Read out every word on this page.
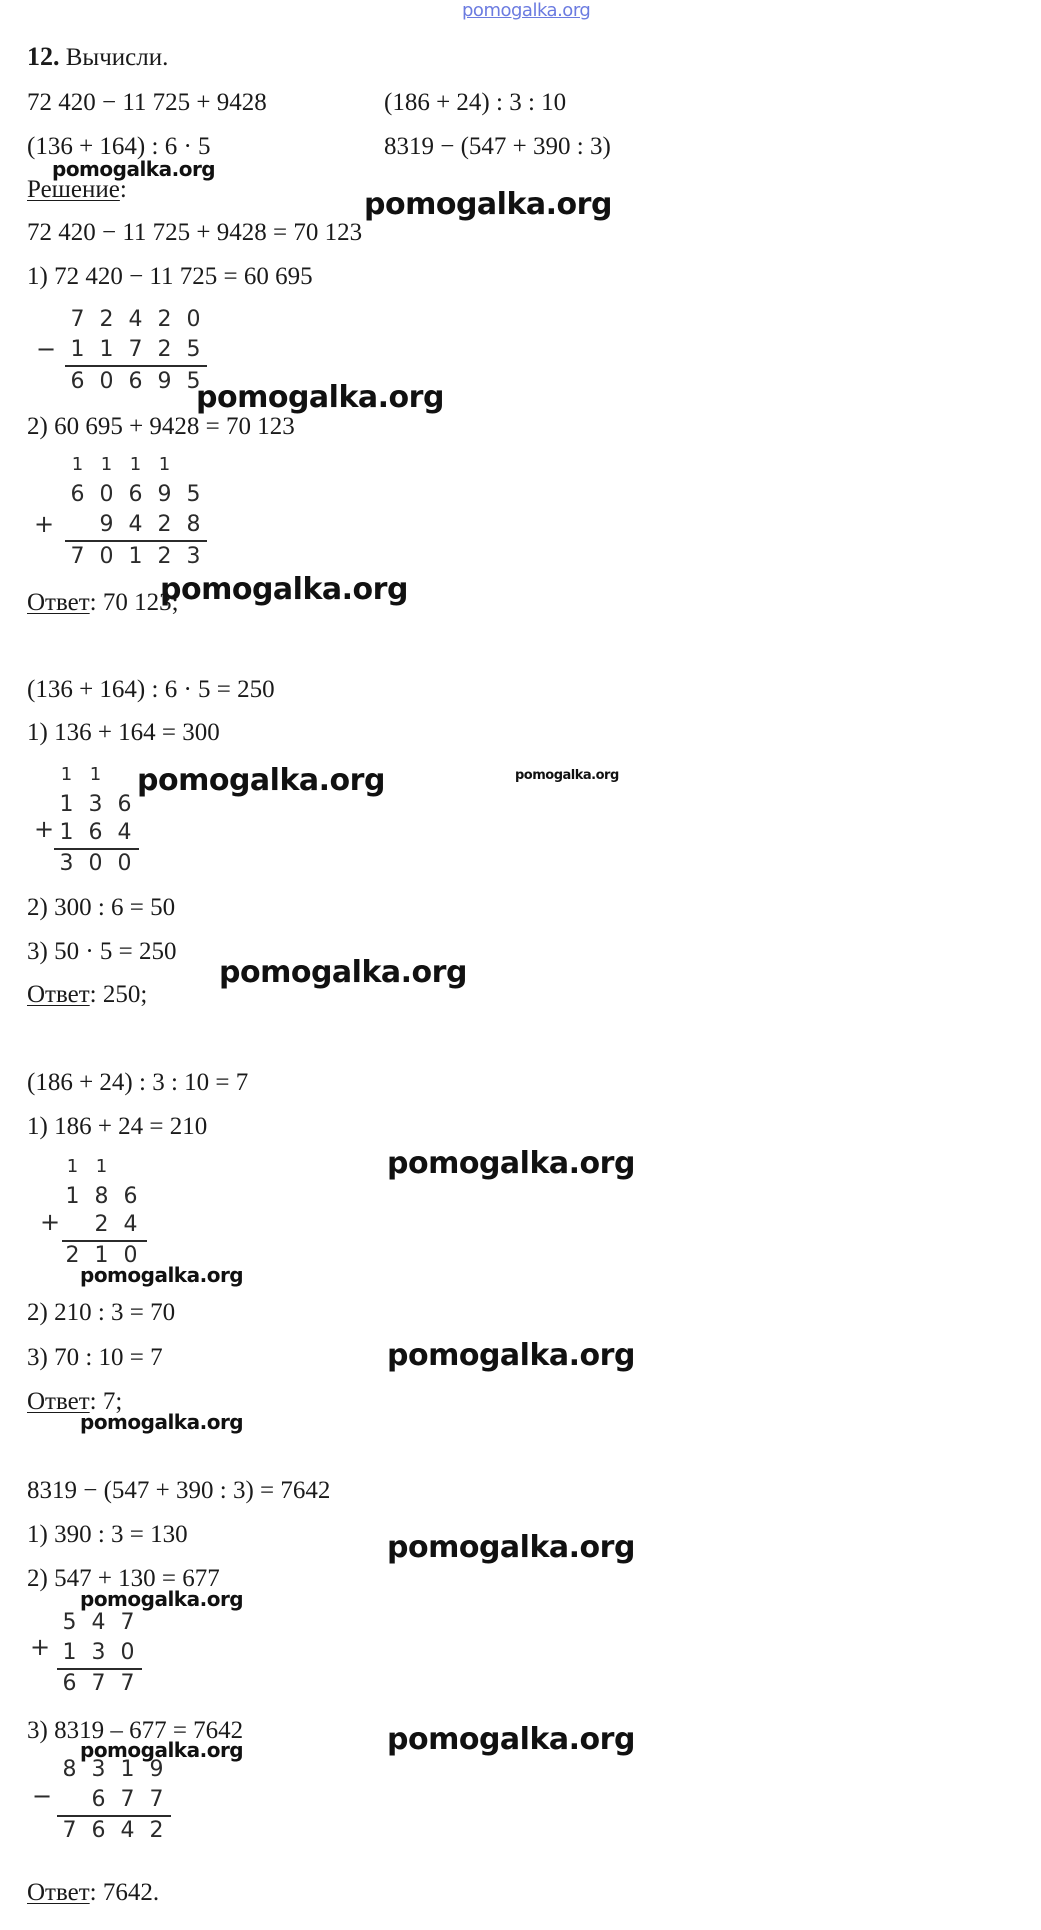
pomogalka.org
12. Вычисли.
72 420 − 11 725 + 9428	(186 + 24) : 3 : 10
(136 + 164) : 6 · 5	8319 − (547 + 390 : 3)
Решение:
72 420 − 11 725 + 9428 = 70 123
1) 72 420 − 11 725 = 60 695
7 2 4 2 0
1 1 7 2 5
6 0 6 9 5
−
2) 60 695 + 9428 = 70 123
1 1 1 1
6 0 6 9 5
9 4 2 8
7 0 1 2 3
+
Ответ: 70 123;
(136 + 164) : 6 · 5 = 250
1) 136 + 164 = 300
1 1
1 3 6
1 6 4
3 0 0
+
2) 300 : 6 = 50
3) 50 · 5 = 250
Ответ: 250;
(186 + 24) : 3 : 10 = 7
1) 186 + 24 = 210
1 1
1 8 6
2 4
2 1 0
+
2) 210 : 3 = 70
3) 70 : 10 = 7
Ответ: 7;
8319 − (547 + 390 : 3) = 7642
1) 390 : 3 = 130
2) 547 + 130 = 677
5 4 7
1 3 0
6 7 7
+
3) 8319 – 677 = 7642
8 3 1 9
6 7 7
7 6 4 2
−
Ответ: 7642.
pomogalka.org
pomogalka.org
pomogalka.org
pomogalka.org
pomogalka.org	pomogalka.org
pomogalka.org
pomogalka.org
pomogalka.org
pomogalka.org
pomogalka.org
pomogalka.org
pomogalka.org
pomogalka.org	pomogalka.org
